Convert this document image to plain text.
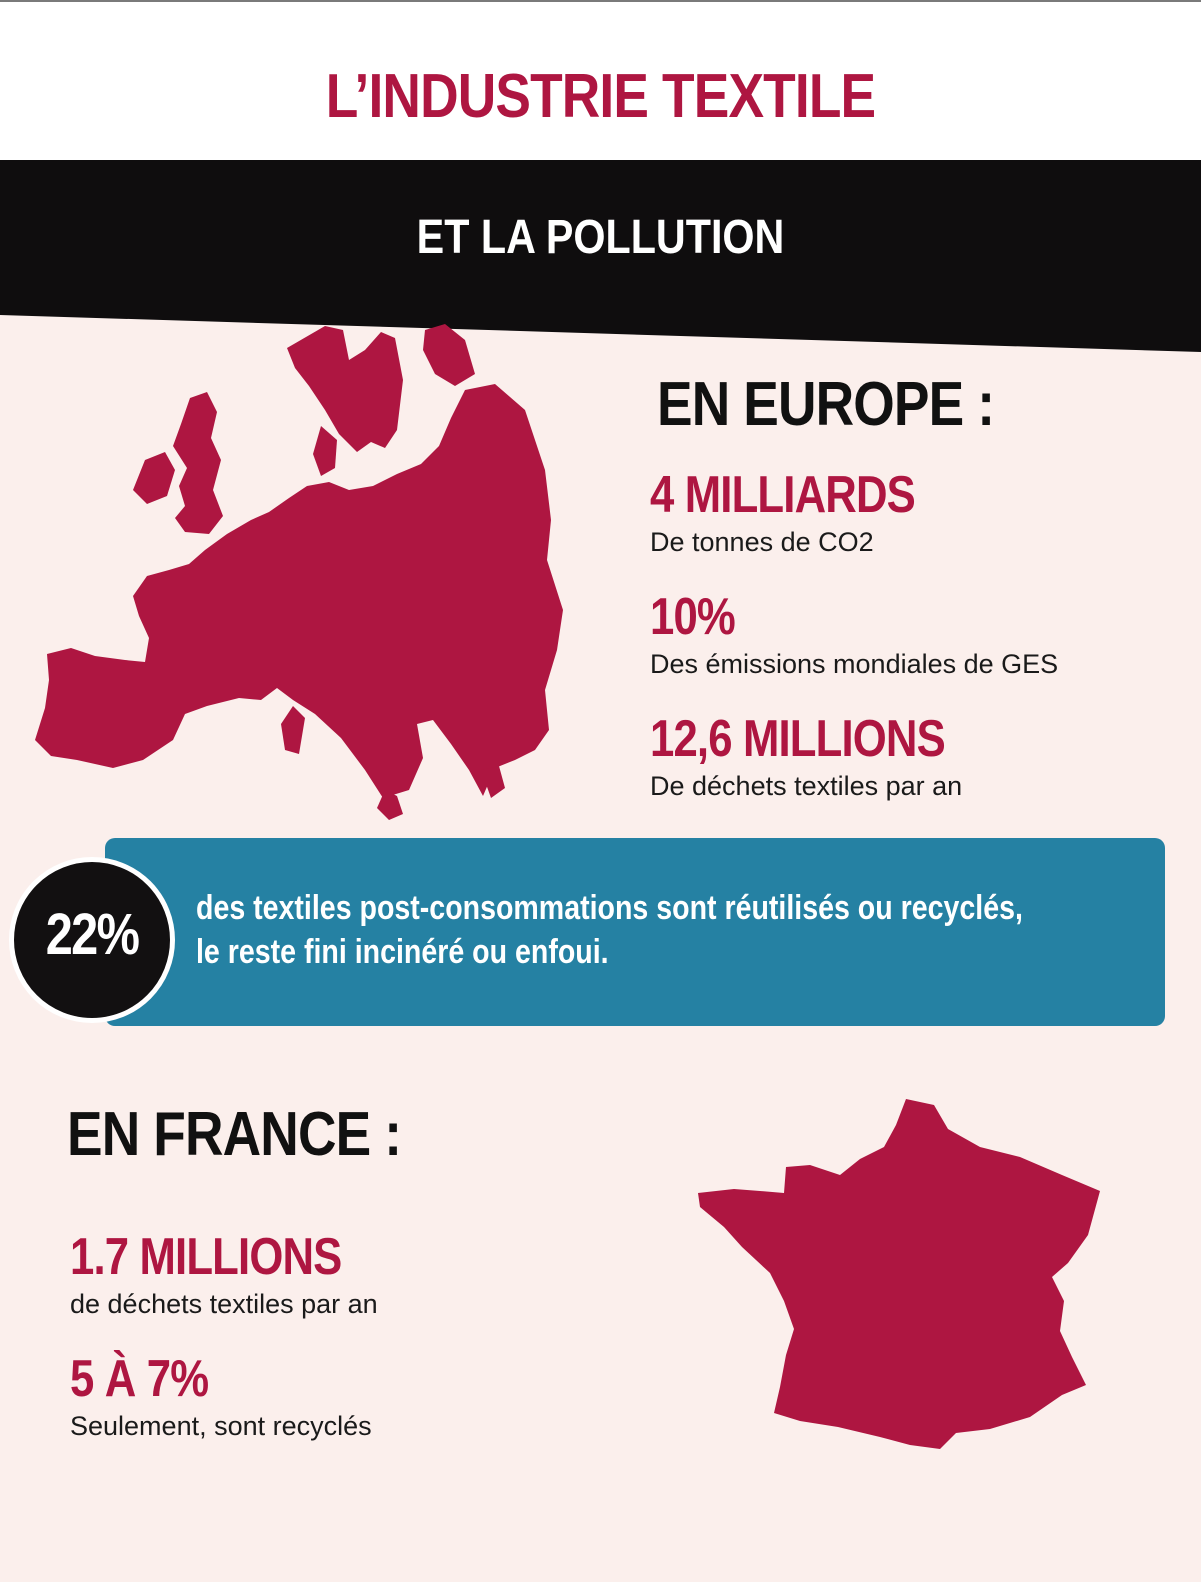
L’INDUSTRIE TEXTILE
ET LA POLLUTION
EN EUROPE :
4 MILLIARDS
De tonnes de CO2
10%
Des émissions mondiales de GES
12,6 MILLIONS
De déchets textiles par an
des textiles post-consommations sont réutilisés ou recyclés,
le reste fini incinéré ou enfoui.
22%
EN FRANCE :
1.7 MILLIONS
de déchets textiles par an
5 À 7%
Seulement, sont recyclés
